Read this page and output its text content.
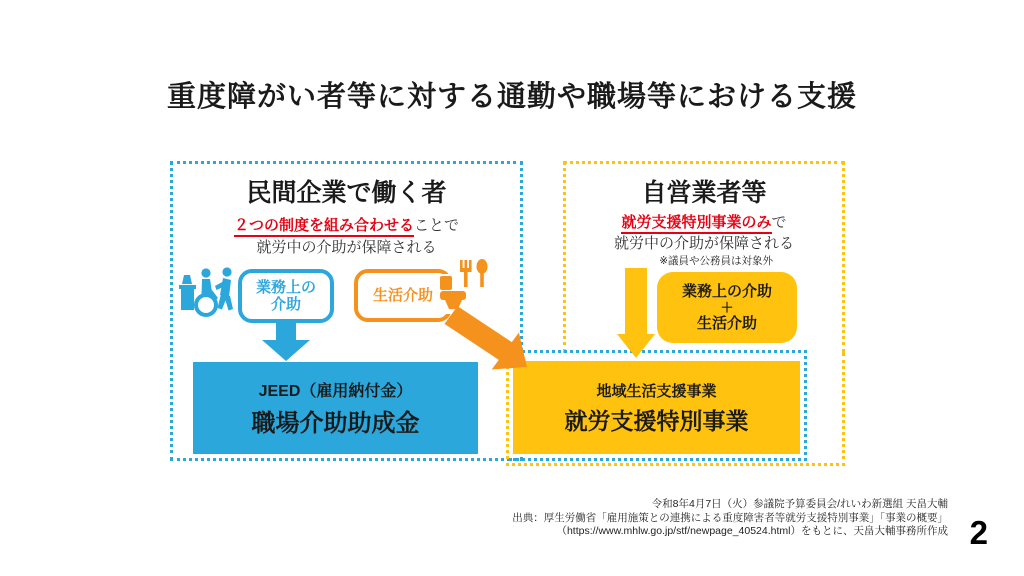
重度障がい者等に対する通勤や職場等における支援
民間企業で働く者
２つの制度を組み合わせることで
就労中の介助が保障される
業務上の
介助
生活介助
JEED（雇用納付金）
職場介助助成金
自営業者等
就労支援特別事業のみで
就労中の介助が保障される
※議員や公務員は対象外
業務上の介助
＋
生活介助
地域生活支援事業
就労支援特別事業
令和8年4月7日（火）参議院予算委員会/れいわ新選組 天畠大輔
出典：厚生労働省「雇用施策との連携による重度障害者等就労支援特別事業」「事業の概要」
（https://www.mhlw.go.jp/stf/newpage_40524.html）をもとに、天畠大輔事務所作成 2
